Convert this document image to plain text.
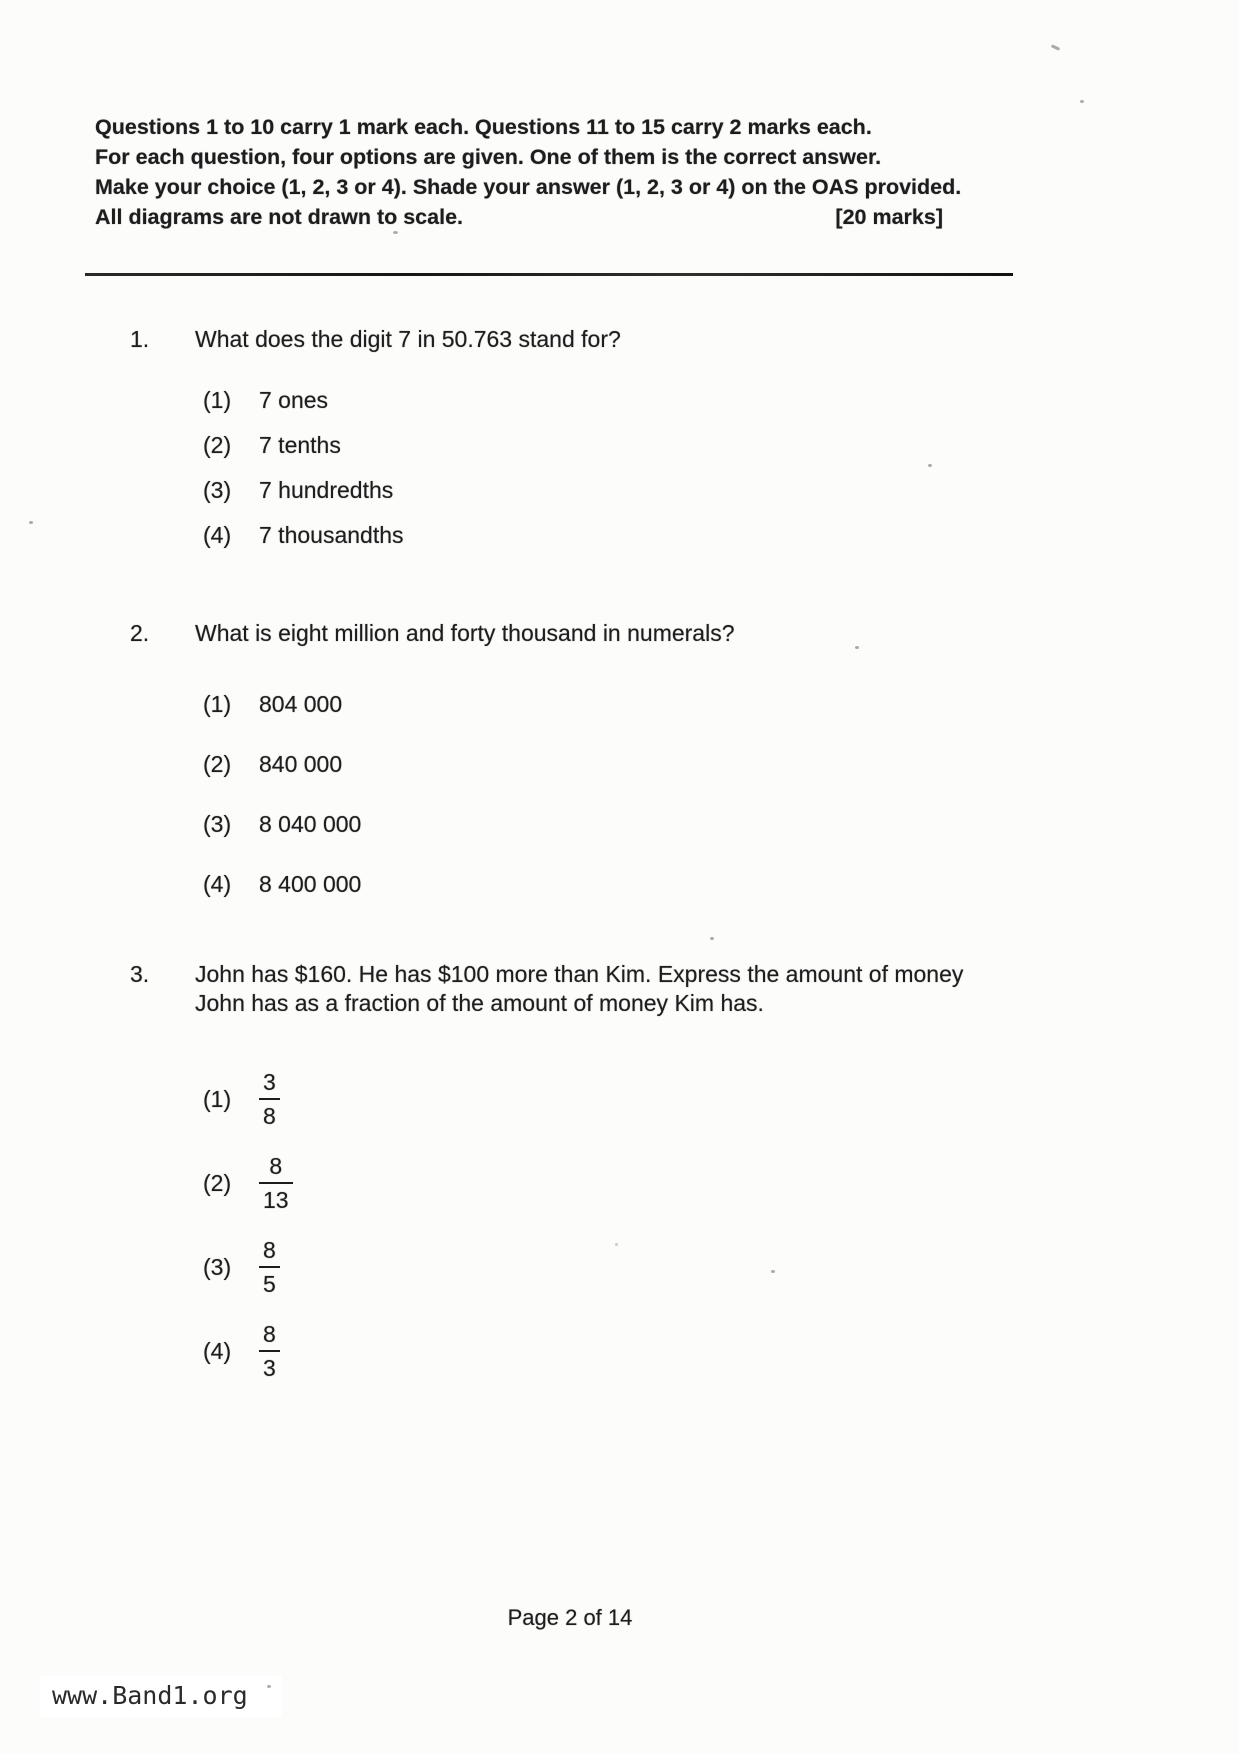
Questions 1 to 10 carry 1 mark each. Questions 11 to 15 carry 2 marks each.
For each question, four options are given. One of them is the correct answer.
Make your choice (1, 2, 3 or 4). Shade your answer (1, 2, 3 or 4) on the OAS provided.
All diagrams are not drawn to scale.	[20 marks]
1.	What does the digit 7 in 50.763 stand for?
(1)	7 ones
(2)	7 tenths
(3)	7 hundredths
(4)	7 thousandths
2.	What is eight million and forty thousand in numerals?
(1)	804 000
(2)	840 000
(3)	8 040 000
(4)	8 400 000
3.	John has $160. He has $100 more than Kim. Express the amount of money John has as a fraction of the amount of money Kim has.
(1)	$\frac{3}{8}$
(2)	$\frac{8}{13}$
(3)	$\frac{8}{5}$
(4)	$\frac{8}{3}$
Page 2 of 14
www.Band1.org
